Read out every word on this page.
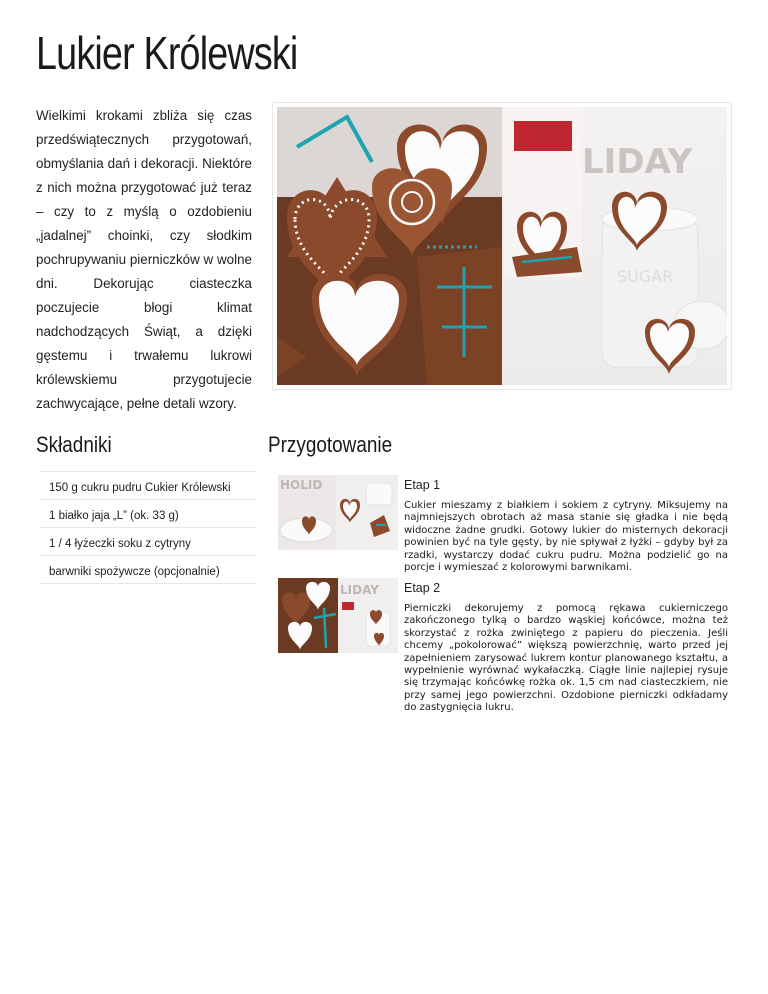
Lukier Królewski

Wielkimi krokami zbliża się czas przedświątecznych przygotowań, obmyślania dań i dekoracji. Niektóre z nich można przygotować już teraz – czy to z myślą o ozdobieniu „jadalnej” choinki, czy słodkim pochrupywaniu pierniczków w wolne dni. Dekorując ciasteczka poczujecie błogi klimat nadchodzących Świąt, a dzięki gęstemu i trwałemu lukrowi królewskiemu przygotujecie zachwycające, pełne detali wzory.

LIDAY
SUGAR
Składniki
150 g cukru pudru Cukier Królewski
1 białko jaja „L” (ok. 33 g)
1 / 4 łyżeczki soku z cytryny
barwniki spożywcze (opcjonalnie)
Przygotowanie
HOLID	Etap 1

Cukier mieszamy z białkiem i sokiem z cytryny. Miksujemy na najmniejszych obrotach aż masa stanie się gładka i nie będą widoczne żadne grudki. Gotowy lukier do misternych dekoracji powinien być na tyle gęsty, by nie spływał z łyżki – gdyby był za rzadki, wystarczy dodać cukru pudru. Można podzielić go na porcje i wymieszać z kolorowymi barwnikami.

LIDAY Etap 2

Pierniczki dekorujemy z pomocą rękawa cukierniczego zakończonego tylką o bardzo wąskiej końcówce, można też skorzystać z rożka zwiniętego z papieru do pieczenia. Jeśli chcemy „pokolorować” większą powierzchnię, warto przed jej zapełnieniem zarysować lukrem kontur planowanego kształtu, a wypełnienie wyrównać wykałaczką. Ciągłe linie najlepiej rysuje się trzymając końcówkę rożka ok. 1,5 cm nad ciasteczkiem, nie przy samej jego powierzchni. Ozdobione pierniczki odkładamy do zastygnięcia lukru.
